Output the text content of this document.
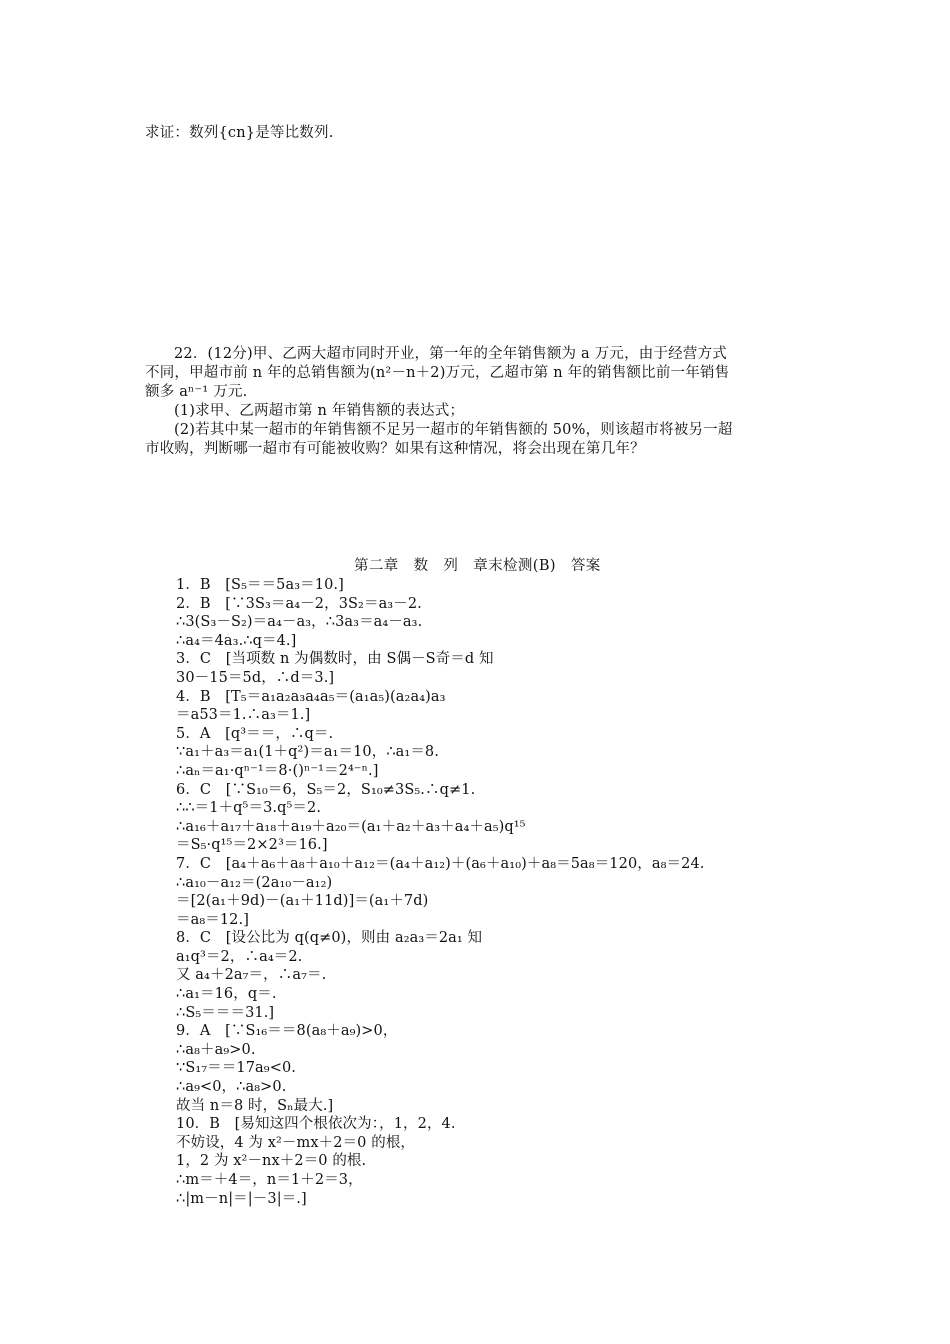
求证：数列{cn}是等比数列.
22．(12分)甲、乙两大超市同时开业，第一年的全年销售额为 a 万元，由于经营方式
不同，甲超市前 n 年的总销售额为(n²－n＋2)万元，乙超市第 n 年的销售额比前一年销售
额多 aⁿ⁻¹ 万元.
(1)求甲、乙两超市第 n 年销售额的表达式；
(2)若其中某一超市的年销售额不足另一超市的年销售额的 50%，则该超市将被另一超
市收购，判断哪一超市有可能被收购？如果有这种情况，将会出现在第几年？
第二章　数　列　章末检测(B)　答案
1．B　[S₅＝＝5a₃＝10.]
2．B　[∵3S₃＝a₄－2，3S₂＝a₃－2.
∴3(S₃－S₂)＝a₄－a₃，∴3a₃＝a₄－a₃.
∴a₄＝4a₃.∴q＝4.]
3．C　[当项数 n 为偶数时，由 S偶－S奇＝d 知
30－15＝5d，∴d＝3.]
4．B　[T₅＝a₁a₂a₃a₄a₅＝(a₁a₅)(a₂a₄)a₃
＝a53＝1.∴a₃＝1.]
5．A　[q³＝＝，∴q＝.
∵a₁＋a₃＝a₁(1＋q²)＝a₁＝10，∴a₁＝8.
∴aₙ＝a₁·qⁿ⁻¹＝8·()ⁿ⁻¹＝2⁴⁻ⁿ.]
6．C　[∵S₁₀＝6，S₅＝2，S₁₀≠3S₅.∴q≠1.
∴∴＝1＋q⁵＝3.q⁵＝2.
∴a₁₆＋a₁₇＋a₁₈＋a₁₉＋a₂₀＝(a₁＋a₂＋a₃＋a₄＋a₅)q¹⁵
＝S₅·q¹⁵＝2×2³＝16.]
7．C　[a₄＋a₆＋a₈＋a₁₀＋a₁₂＝(a₄＋a₁₂)＋(a₆＋a₁₀)＋a₈＝5a₈＝120，a₈＝24.
∴a₁₀－a₁₂＝(2a₁₀－a₁₂)
＝[2(a₁＋9d)－(a₁＋11d)]＝(a₁＋7d)
＝a₈＝12.]
8．C　[设公比为 q(q≠0)，则由 a₂a₃＝2a₁ 知
a₁q³＝2，∴a₄＝2.
又 a₄＋2a₇＝，∴a₇＝.
∴a₁＝16，q＝.
∴S₅＝＝＝31.]
9．A　[∵S₁₆＝＝8(a₈＋a₉)>0，
∴a₈＋a₉>0.
∵S₁₇＝＝17a₉<0.
∴a₉<0，∴a₈>0.
故当 n＝8 时，Sₙ最大.]
10．B　[易知这四个根依次为：，1，2，4.
不妨设，4 为 x²－mx＋2＝0 的根，
1，2 为 x²－nx＋2＝0 的根.
∴m＝＋4＝，n＝1＋2＝3，
∴|m－n|＝|－3|＝.]
